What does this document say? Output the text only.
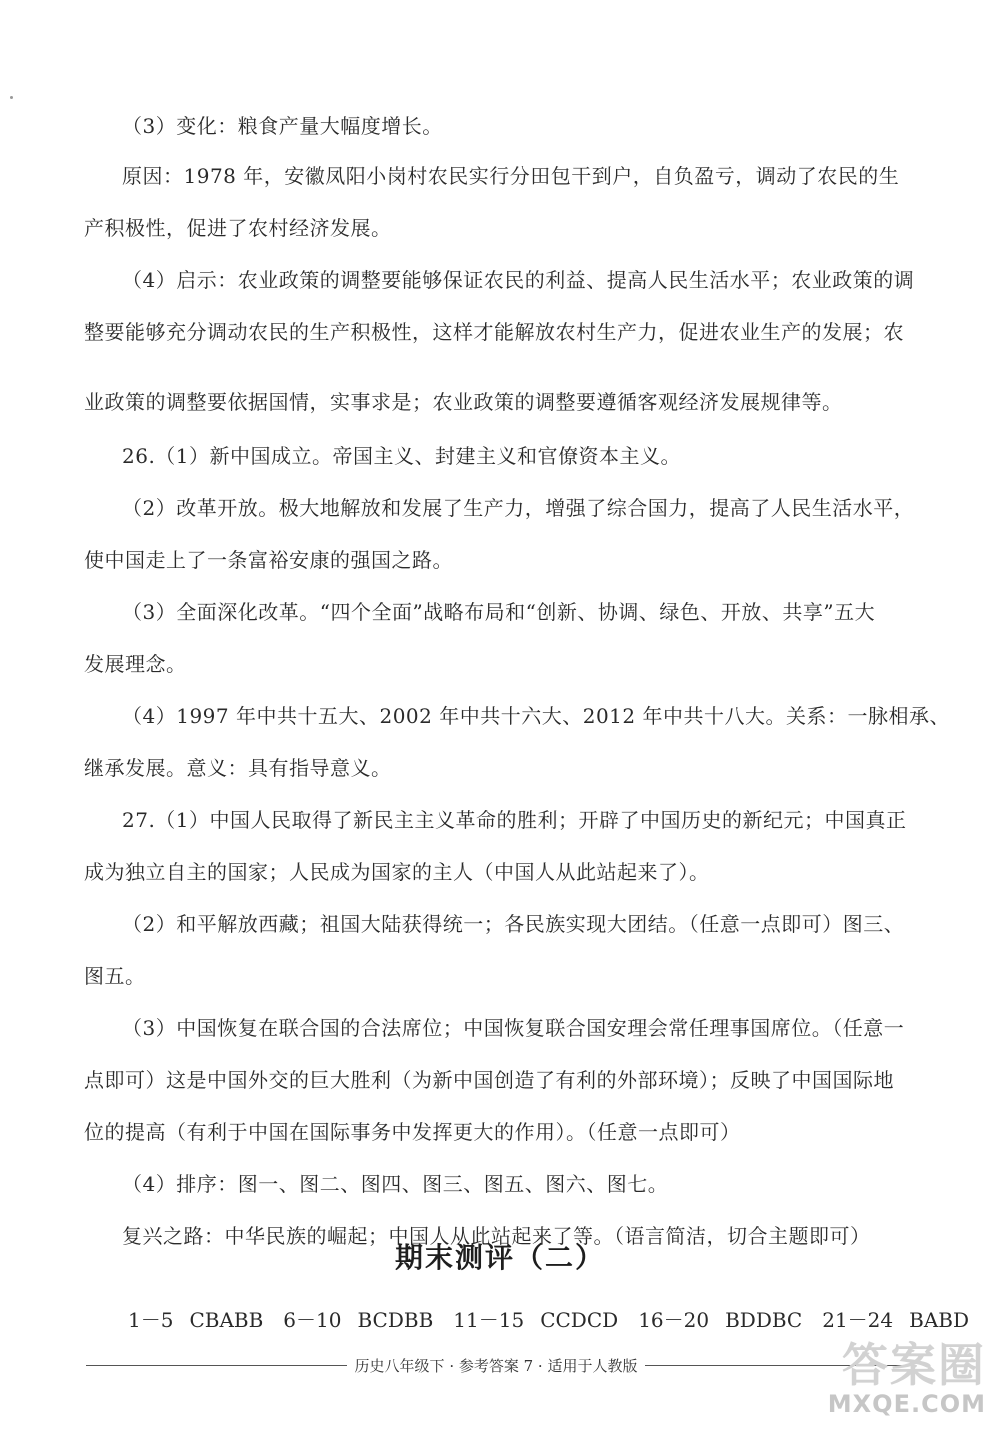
（3）变化：粮食产量大幅度增长。
原因：1978 年，安徽凤阳小岗村农民实行分田包干到户，自负盈亏，调动了农民的生
产积极性，促进了农村经济发展。
（4）启示：农业政策的调整要能够保证农民的利益、提高人民生活水平；农业政策的调
整要能够充分调动农民的生产积极性，这样才能解放农村生产力，促进农业生产的发展；农
业政策的调整要依据国情，实事求是；农业政策的调整要遵循客观经济发展规律等。
26.（1）新中国成立。帝国主义、封建主义和官僚资本主义。
（2）改革开放。极大地解放和发展了生产力，增强了综合国力，提高了人民生活水平，
使中国走上了一条富裕安康的强国之路。
（3）全面深化改革。“四个全面”战略布局和“创新、协调、绿色、开放、共享”五大
发展理念。
（4）1997 年中共十五大、2002 年中共十六大、2012 年中共十八大。关系：一脉相承、
继承发展。意义：具有指导意义。
27.（1）中国人民取得了新民主主义革命的胜利；开辟了中国历史的新纪元；中国真正
成为独立自主的国家；人民成为国家的主人（中国人从此站起来了）。
（2）和平解放西藏；祖国大陆获得统一；各民族实现大团结。（任意一点即可）图三、
图五。
（3）中国恢复在联合国的合法席位；中国恢复联合国安理会常任理事国席位。（任意一
点即可）这是中国外交的巨大胜利（为新中国创造了有利的外部环境）；反映了中国国际地
位的提高（有利于中国在国际事务中发挥更大的作用）。（任意一点即可）
（4）排序：图一、图二、图四、图三、图五、图六、图七。
复兴之路：中华民族的崛起；中国人从此站起来了等。（语言简洁，切合主题即可）
期末测评（二）
1－5 CBABB 6－10 BCDBB 11－15 CCDCD 16－20 BDDBC 21－24 BABD
历史八年级下 · 参考答案 7 · 适用于人教版	答案圈
MXQE.COM
